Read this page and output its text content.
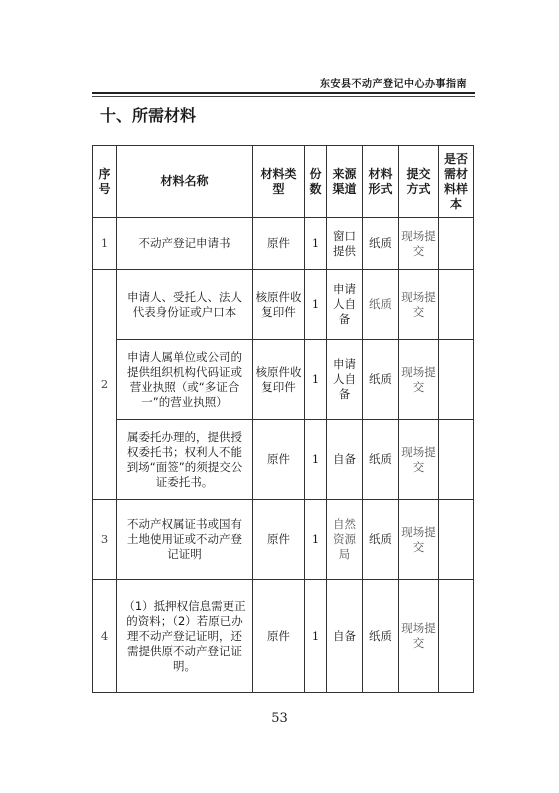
东安县不动产登记中心办事指南
十、所需材料
序号	材料名称	材料类型	份数	来源渠道	材料形式	提交方式	是否需材料样本
1	不动产登记申请书	原件	1	窗口提供	纸质	现场提交	
2	申请人、受托人、法人代表身份证或户口本	核原件收复印件	1	申请人自备	纸质	现场提交	
	申请人属单位或公司的提供组织机构代码证或营业执照（或“多证合一”的营业执照）	核原件收复印件	1	申请人自备	纸质	现场提交	
	属委托办理的，提供授权委托书；权利人不能到场“面签”的须提交公证委托书。	原件	1	自备	纸质	现场提交	
3	不动产权属证书或国有土地使用证或不动产登记证明	原件	1	自然资源局	纸质	现场提交	
4	（1）抵押权信息需更正的资料；（2）若原已办理不动产登记证明，还需提供原不动产登记证明。	原件	1	自备	纸质	现场提交	
53
